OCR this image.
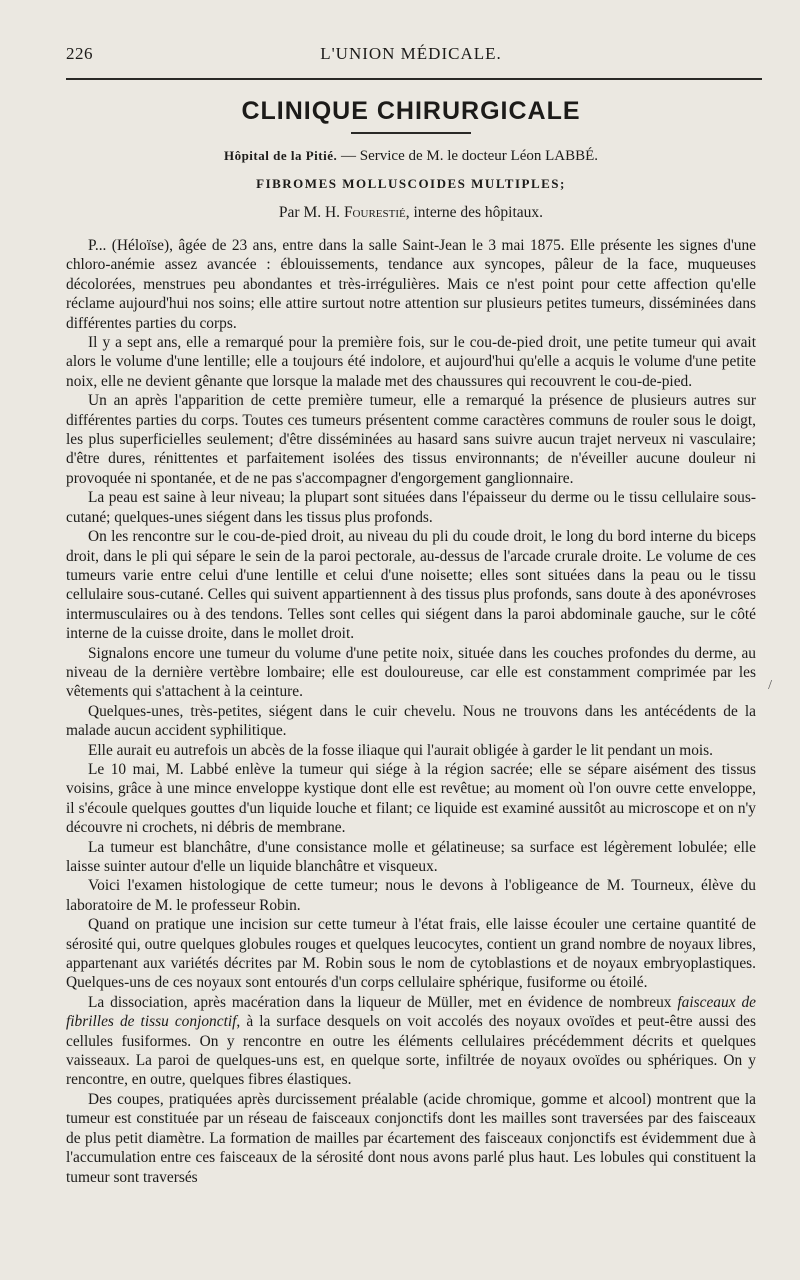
226	L'UNION MÉDICALE.
CLINIQUE CHIRURGICALE
Hôpital de la Pitié. — Service de M. le docteur Léon LABBÉ.
FIBROMES MOLLUSCOIDES MULTIPLES;
Par M. H. Fourestié, interne des hôpitaux.

P... (Héloïse), âgée de 23 ans, entre dans la salle Saint-Jean le 3 mai 1875. Elle présente les signes d'une chloro-anémie assez avancée : éblouissements, tendance aux syncopes, pâleur de la face, muqueuses décolorées, menstrues peu abondantes et très-irrégulières. Mais ce n'est point pour cette affection qu'elle réclame aujourd'hui nos soins; elle attire surtout notre attention sur plusieurs petites tumeurs, disséminées dans différentes parties du corps.

Il y a sept ans, elle a remarqué pour la première fois, sur le cou-de-pied droit, une petite tumeur qui avait alors le volume d'une lentille; elle a toujours été indolore, et aujourd'hui qu'elle a acquis le volume d'une petite noix, elle ne devient gênante que lorsque la malade met des chaussures qui recouvrent le cou-de-pied.

Un an après l'apparition de cette première tumeur, elle a remarqué la présence de plusieurs autres sur différentes parties du corps. Toutes ces tumeurs présentent comme caractères communs de rouler sous le doigt, les plus superficielles seulement; d'être disséminées au hasard sans suivre aucun trajet nerveux ni vasculaire; d'être dures, rénittentes et parfaitement isolées des tissus environnants; de n'éveiller aucune douleur ni provoquée ni spontanée, et de ne pas s'accompagner d'engorgement ganglionnaire.

La peau est saine à leur niveau; la plupart sont situées dans l'épaisseur du derme ou le tissu cellulaire sous-cutané; quelques-unes siégent dans les tissus plus profonds.

On les rencontre sur le cou-de-pied droit, au niveau du pli du coude droit, le long du bord interne du biceps droit, dans le pli qui sépare le sein de la paroi pectorale, au-dessus de l'arcade crurale droite. Le volume de ces tumeurs varie entre celui d'une lentille et celui d'une noisette; elles sont situées dans la peau ou le tissu cellulaire sous-cutané. Celles qui suivent appartiennent à des tissus plus profonds, sans doute à des aponévroses intermusculaires ou à des tendons. Telles sont celles qui siégent dans la paroi abdominale gauche, sur le côté interne de la cuisse droite, dans le mollet droit.

Signalons encore une tumeur du volume d'une petite noix, située dans les couches profondes du derme, au niveau de la dernière vertèbre lombaire; elle est douloureuse, car elle est constamment comprimée par les vêtements qui s'attachent à la ceinture.

Quelques-unes, très-petites, siégent dans le cuir chevelu. Nous ne trouvons dans les antécédents de la malade aucun accident syphilitique.

Elle aurait eu autrefois un abcès de la fosse iliaque qui l'aurait obligée à garder le lit pendant un mois.

Le 10 mai, M. Labbé enlève la tumeur qui siége à la région sacrée; elle se sépare aisément des tissus voisins, grâce à une mince enveloppe kystique dont elle est revêtue; au moment où l'on ouvre cette enveloppe, il s'écoule quelques gouttes d'un liquide louche et filant; ce liquide est examiné aussitôt au microscope et on n'y découvre ni crochets, ni débris de membrane.

La tumeur est blanchâtre, d'une consistance molle et gélatineuse; sa surface est légèrement lobulée; elle laisse suinter autour d'elle un liquide blanchâtre et visqueux.

Voici l'examen histologique de cette tumeur; nous le devons à l'obligeance de M. Tourneux, élève du laboratoire de M. le professeur Robin.

Quand on pratique une incision sur cette tumeur à l'état frais, elle laisse écouler une certaine quantité de sérosité qui, outre quelques globules rouges et quelques leucocytes, contient un grand nombre de noyaux libres, appartenant aux variétés décrites par M. Robin sous le nom de cytoblastions et de noyaux embryoplastiques. Quelques-uns de ces noyaux sont entourés d'un corps cellulaire sphérique, fusiforme ou étoilé.

La dissociation, après macération dans la liqueur de Müller, met en évidence de nombreux faisceaux de fibrilles de tissu conjonctif, à la surface desquels on voit accolés des noyaux ovoïdes et peut-être aussi des cellules fusiformes. On y rencontre en outre les éléments cellulaires précédemment décrits et quelques vaisseaux. La paroi de quelques-uns est, en quelque sorte, infiltrée de noyaux ovoïdes ou sphériques. On y rencontre, en outre, quelques fibres élastiques.

Des coupes, pratiquées après durcissement préalable (acide chromique, gomme et alcool) montrent que la tumeur est constituée par un réseau de faisceaux conjonctifs dont les mailles sont traversées par des faisceaux de plus petit diamètre. La formation de mailles par écartement des faisceaux conjonctifs est évidemment due à l'accumulation entre ces faisceaux de la sérosité dont nous avons parlé plus haut. Les lobules qui constituent la tumeur sont traversés

/
